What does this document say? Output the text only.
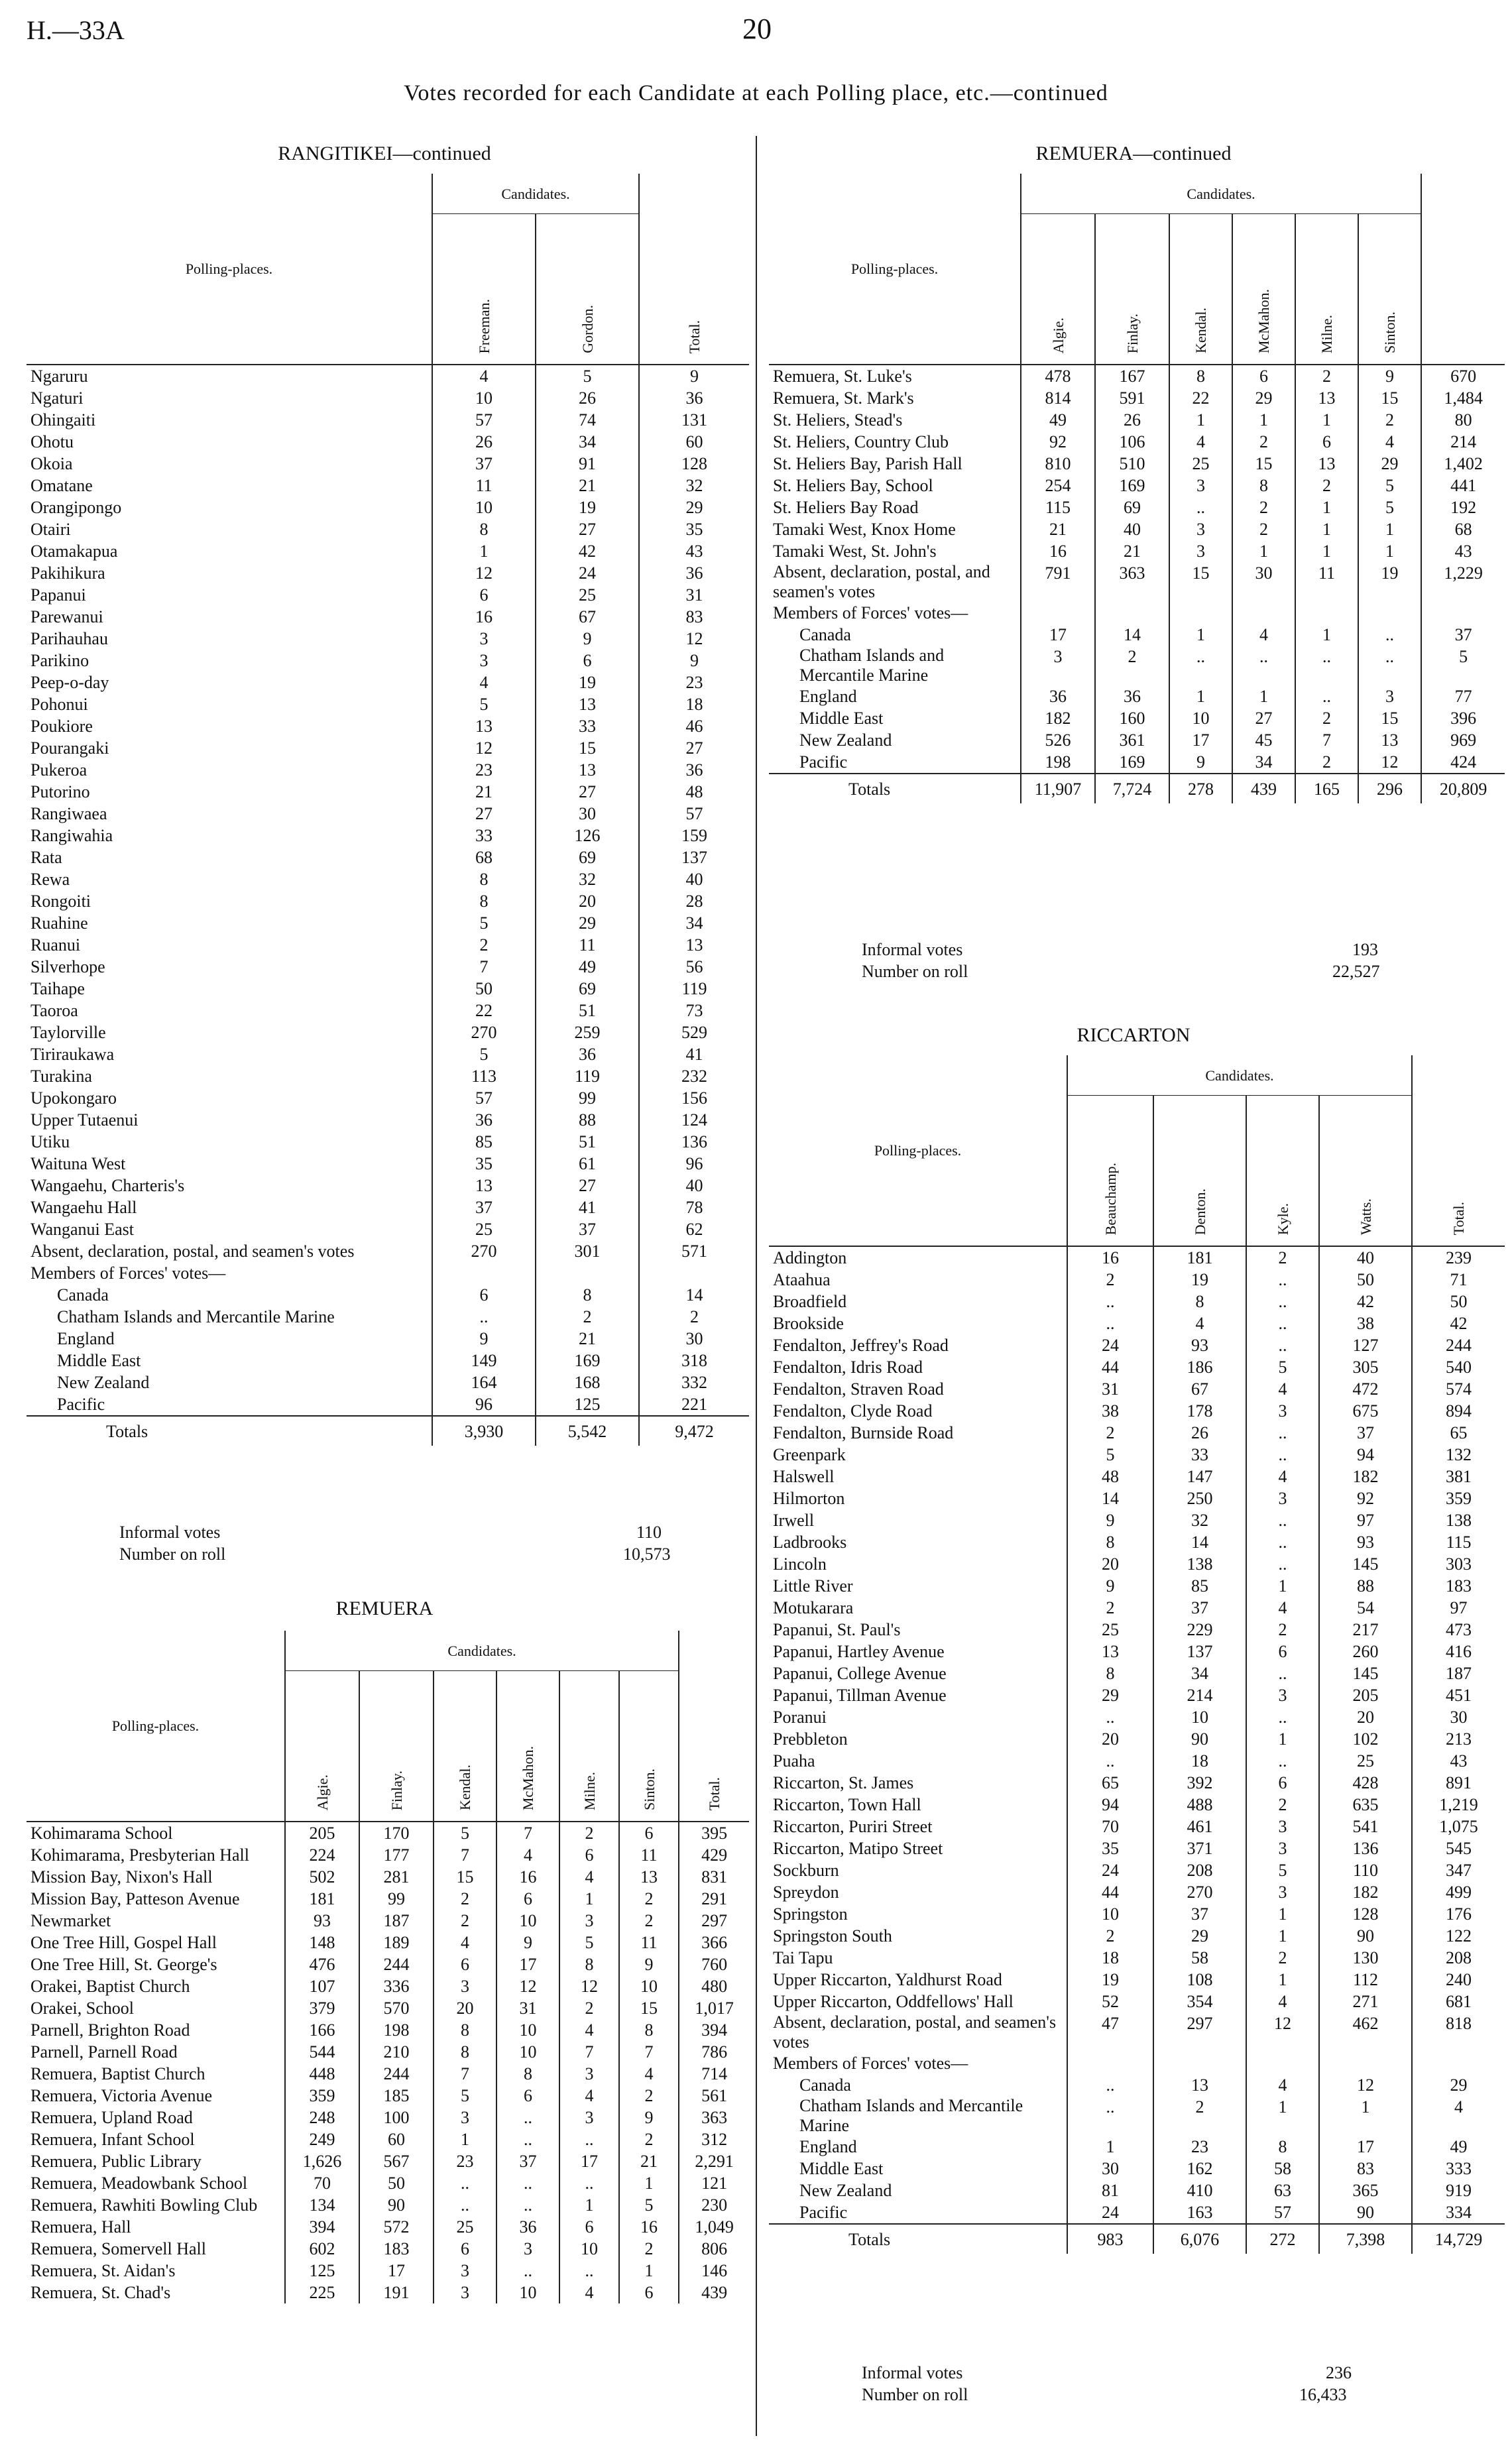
H.—33A	20
Votes recorded for each Candidate at each Polling place, etc.—continued
RANGITIKEI—continued
Polling-places.	Candidates.		Total.

	Freeman.	Gordon.	

Ngaruru	4	5	9
Ngaturi	10	26	36
Ohingaiti	57	74	131
Ohotu	26	34	60
Okoia	37	91	128
Omatane	11	21	32
Orangipongo	10	19	29
Otairi	8	27	35
Otamakapua	1	42	43
Pakihikura	12	24	36
Papanui	6	25	31
Parewanui	16	67	83
Parihauhau	3	9	12
Parikino	3	6	9
Peep-o-day	4	19	23
Pohonui	5	13	18
Poukiore	13	33	46
Pourangaki	12	15	27
Pukeroa	23	13	36
Putorino	21	27	48
Rangiwaea	27	30	57
Rangiwahia	33	126	159
Rata	68	69	137
Rewa	8	32	40
Rongoiti	8	20	28
Ruahine	5	29	34
Ruanui	2	11	13
Silverhope	7	49	56
Taihape	50	69	119
Taoroa	22	51	73
Taylorville	270	259	529
Tiriraukawa	5	36	41
Turakina	113	119	232
Upokongaro	57	99	156
Upper Tutaenui	36	88	124
Utiku	85	51	136
Waituna West	35	61	96
Wangaehu, Charteris's	13	27	40
Wangaehu Hall	37	41	78
Wanganui East	25	37	62
Absent, declaration, postal, and seamen's votes	270	301	571
Members of Forces' votes—			
Canada	6	8	14
Chatham Islands and Mercantile Marine	..	2	2
England	9	21	30
Middle East	149	169	318
New Zealand	164	168	332
Pacific	96	125	221
Totals	3,930	5,542	9,472
Informal votes	110
Number on roll	10,573
REMUERA
Polling-places.	Candidates.						Total.

	Algie.	Finlay.	Kendal.	McMahon.	Milne.	Sinton.	

Kohimarama School	205	170	5	7	2	6	395
Kohimarama, Presbyterian Hall	224	177	7	4	6	11	429
Mission Bay, Nixon's Hall	502	281	15	16	4	13	831
Mission Bay, Patteson Avenue	181	99	2	6	1	2	291
Newmarket	93	187	2	10	3	2	297
One Tree Hill, Gospel Hall	148	189	4	9	5	11	366
One Tree Hill, St. George's	476	244	6	17	8	9	760
Orakei, Baptist Church	107	336	3	12	12	10	480
Orakei, School	379	570	20	31	2	15	1,017
Parnell, Brighton Road	166	198	8	10	4	8	394
Parnell, Parnell Road	544	210	8	10	7	7	786
Remuera, Baptist Church	448	244	7	8	3	4	714
Remuera, Victoria Avenue	359	185	5	6	4	2	561
Remuera, Upland Road	248	100	3	..	3	9	363
Remuera, Infant School	249	60	1	..	..	2	312
Remuera, Public Library	1,626	567	23	37	17	21	2,291
Remuera, Meadowbank School	70	50	..	..	..	1	121
Remuera, Rawhiti Bowling Club	134	90	..	..	1	5	230
Remuera, Hall	394	572	25	36	6	16	1,049
Remuera, Somervell Hall	602	183	6	3	10	2	806
Remuera, St. Aidan's	125	17	3	..	..	1	146
Remuera, St. Chad's	225	191	3	10	4	6	439
REMUERA—continued
Polling-places.	Candidates.						

	Algie.	Finlay.	Kendal.	McMahon.	Milne.	Sinton.	

Remuera, St. Luke's	478	167	8	6	2	9	670
Remuera, St. Mark's	814	591	22	29	13	15	1,484
St. Heliers, Stead's	49	26	1	1	1	2	80
St. Heliers, Country Club	92	106	4	2	6	4	214
St. Heliers Bay, Parish Hall	810	510	25	15	13	29	1,402
St. Heliers Bay, School	254	169	3	8	2	5	441
St. Heliers Bay Road	115	69	..	2	1	5	192
Tamaki West, Knox Home	21	40	3	2	1	1	68
Tamaki West, St. John's	16	21	3	1	1	1	43
Absent, declaration, postal, and seamen's votes	791	363	15	30	11	19	1,229
Members of Forces' votes—							
Canada	17	14	1	4	1	..	37
Chatham Islands and Mercantile Marine	3	2	..	..	..	..	5
England	36	36	1	1	..	3	77
Middle East	182	160	10	27	2	15	396
New Zealand	526	361	17	45	7	13	969
Pacific	198	169	9	34	2	12	424
Totals	11,907	7,724	278	439	165	296	20,809
Informal votes	193
Number on roll	22,527
RICCARTON
Polling-places.	Candidates.				Total.

	Beauchamp.	Denton.	Kyle.	Watts.	

Addington	16	181	2	40	239
Ataahua	2	19	..	50	71
Broadfield	..	8	..	42	50
Brookside	..	4	..	38	42
Fendalton, Jeffrey's Road	24	93	..	127	244
Fendalton, Idris Road	44	186	5	305	540
Fendalton, Straven Road	31	67	4	472	574
Fendalton, Clyde Road	38	178	3	675	894
Fendalton, Burnside Road	2	26	..	37	65
Greenpark	5	33	..	94	132
Halswell	48	147	4	182	381
Hilmorton	14	250	3	92	359
Irwell	9	32	..	97	138
Ladbrooks	8	14	..	93	115
Lincoln	20	138	..	145	303
Little River	9	85	1	88	183
Motukarara	2	37	4	54	97
Papanui, St. Paul's	25	229	2	217	473
Papanui, Hartley Avenue	13	137	6	260	416
Papanui, College Avenue	8	34	..	145	187
Papanui, Tillman Avenue	29	214	3	205	451
Poranui	..	10	..	20	30
Prebbleton	20	90	1	102	213
Puaha	..	18	..	25	43
Riccarton, St. James	65	392	6	428	891
Riccarton, Town Hall	94	488	2	635	1,219
Riccarton, Puriri Street	70	461	3	541	1,075
Riccarton, Matipo Street	35	371	3	136	545
Sockburn	24	208	5	110	347
Spreydon	44	270	3	182	499
Springston	10	37	1	128	176
Springston South	2	29	1	90	122
Tai Tapu	18	58	2	130	208
Upper Riccarton, Yaldhurst Road	19	108	1	112	240
Upper Riccarton, Oddfellows' Hall	52	354	4	271	681
Absent, declaration, postal, and seamen's votes	47	297	12	462	818
Members of Forces' votes—					
Canada	..	13	4	12	29
Chatham Islands and Mercantile Marine	..	2	1	1	4
England	1	23	8	17	49
Middle East	30	162	58	83	333
New Zealand	81	410	63	365	919
Pacific	24	163	57	90	334
Totals	983	6,076	272	7,398	14,729
Informal votes	236
Number on roll	16,433
